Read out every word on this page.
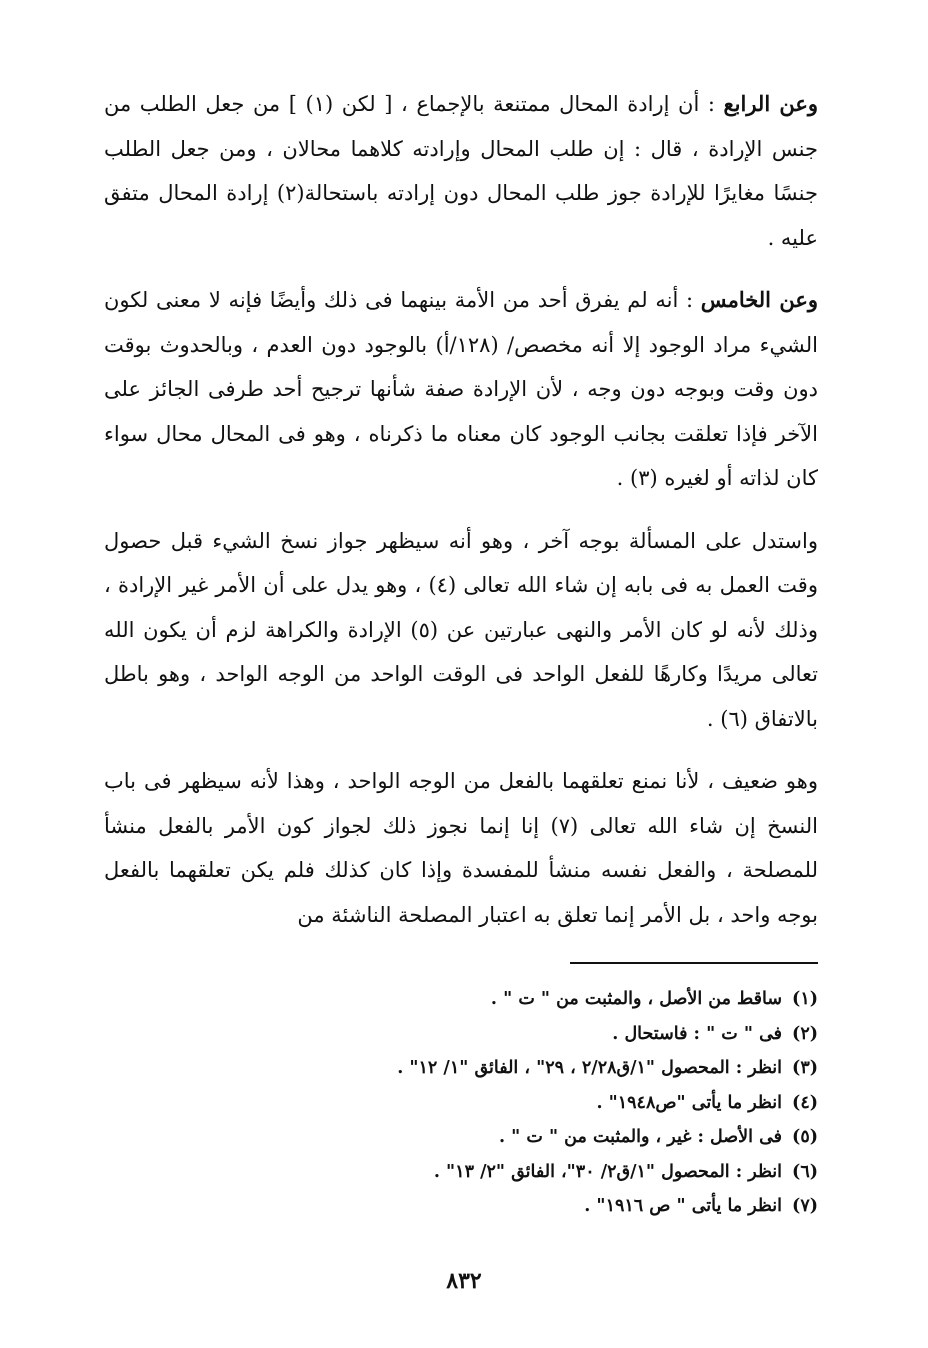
وعن الرابع : أن إرادة المحال ممتنعة بالإجماع ، [ لكن (١) ] من جعل الطلب من جنس الإرادة ، قال : إن طلب المحال وإرادته كلاهما محالان ، ومن جعل الطلب جنسًا مغايرًا للإرادة جوز طلب المحال دون إرادته باستحالة(٢) إرادة المحال متفق عليه .

وعن الخامس : أنه لم يفرق أحد من الأمة بينهما فى ذلك وأيضًا فإنه لا معنى لكون الشيء مراد الوجود إلا أنه مخصص/ (١٢٨/أ) بالوجود دون العدم ، وبالحدوث بوقت دون وقت وبوجه دون وجه ، لأن الإرادة صفة شأنها ترجيح أحد طرفى الجائز على الآخر فإذا تعلقت بجانب الوجود كان معناه ما ذكرناه ، وهو فى المحال محال سواء كان لذاته أو لغيره (٣) .

واستدل على المسألة بوجه آخر ، وهو أنه سيظهر جواز نسخ الشيء قبل حصول وقت العمل به فى بابه إن شاء الله تعالى (٤) ، وهو يدل على أن الأمر غير الإرادة ، وذلك لأنه لو كان الأمر والنهى عبارتين عن (٥) الإرادة والكراهة لزم أن يكون الله تعالى مريدًا وكارهًا للفعل الواحد فى الوقت الواحد من الوجه الواحد ، وهو باطل بالاتفاق (٦) .

وهو ضعيف ، لأنا نمنع تعلقهما بالفعل من الوجه الواحد ، وهذا لأنه سيظهر فى باب النسخ إن شاء الله تعالى (٧) إنا إنما نجوز ذلك لجواز كون الأمر بالفعل منشأ للمصلحة ، والفعل نفسه منشأ للمفسدة وإذا كان كذلك فلم يكن تعلقهما بالفعل بوجه واحد ، بل الأمر إنما تعلق به اعتبار المصلحة الناشئة من

(١)ساقط من الأصل ، والمثبت من " ت " .
(٢)فى " ت " : فاستحال .
(٣)انظر : المحصول "١/ق٢/٢٨ ، ٢٩" ، الفائق "١/ ١٢" .
(٤)انظر ما يأتى "ص١٩٤٨" .
(٥)فى الأصل : غير ، والمثبت من " ت " .
(٦)انظر : المحصول "١/ق٢/ ٣٠"، الفائق "٢/ ١٣" .
(٧)انظر ما يأتى " ص ١٩١٦" .
٨٣٢
